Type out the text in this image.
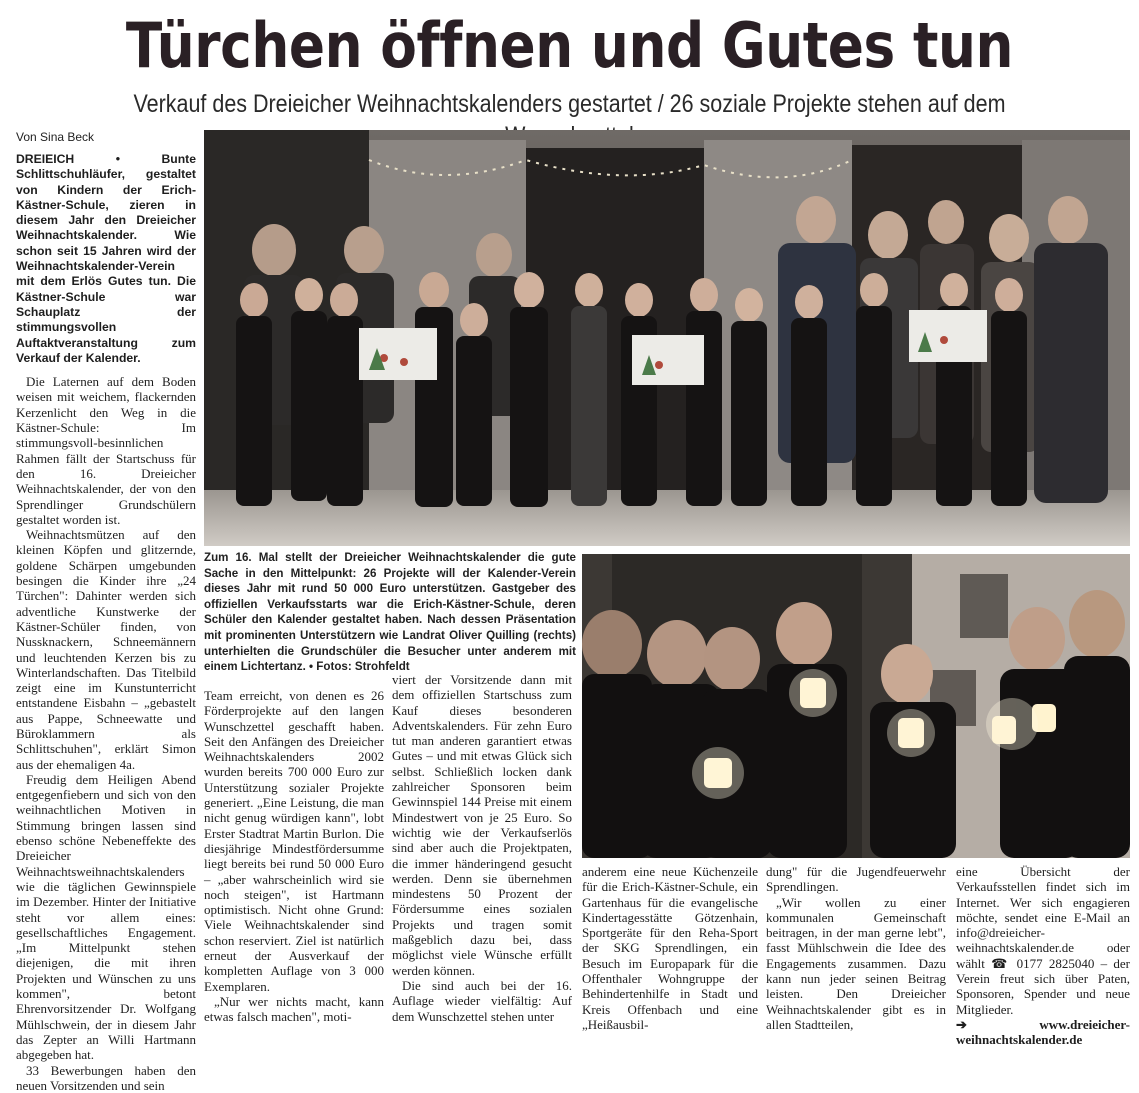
Türchen öffnen und Gutes tun
Verkauf des Dreieicher Weihnachtskalenders gestartet / 26 soziale Projekte stehen auf dem
Von Sina Beck

DREIEICH •	Bunte Schlittschuhläufer, gestaltet von Kindern der Erich-Kästner-Schule, zieren in diesem Jahr den Dreieicher Weihnachtskalender. Wie schon seit 15 Jahren wird der Weihnachtskalender-Verein mit dem Erlös Gutes tun. Die Kästner-Schule war Schauplatz der stimmungsvollen Auftaktveranstaltung zum Verkauf der Kalender.

Die Laternen auf dem Boden weisen mit weichem, flackernden Kerzenlicht den Weg in die Kästner-Schule: Im stimmungsvoll-besinnlichen Rahmen fällt der Startschuss für den 16. Dreieicher Weihnachtskalender, der von den Sprendlinger Grundschülern gestaltet worden ist.

Weihnachtsmützen auf den kleinen Köpfen und glitzernde, goldene Schärpen umgebunden besingen die Kinder ihre „24 Türchen": Dahinter werden sich adventliche Kunstwerke der Kästner-Schüler finden, von Nussknackern, Schneemännern und leuchtenden Kerzen bis zu Winterlandschaften. Das Titelbild zeigt eine im Kunstunterricht entstandene Eisbahn – „gebastelt aus Pappe, Schneewatte und Büroklammern als Schlittschuhen", erklärt Simon aus der ehemaligen 4a.

Freudig dem Heiligen Abend entgegenfiebern und sich von den weihnachtlichen Motiven in Stimmung bringen lassen sind ebenso schöne Nebeneffekte des Dreieicher Weihnachtsweihnachtskalenders wie die täglichen Gewinnspiele im Dezember. Hinter der Initiative steht vor allem eines: gesellschaftliches Engagement. „Im Mittelpunkt stehen diejenigen, die mit ihren Projekten und Wünschen zu uns kommen", betont Ehrenvorsitzender Dr. Wolfgang Mühlschwein, der in diesem Jahr das Zepter an Willi Hartmann abgegeben hat.

33 Bewerbungen haben den neuen Vorsitzenden und sein

Zum 16. Mal stellt der Dreieicher Weihnachtskalender die gute Sache in den Mittelpunkt: 26 Projekte will der Kalender-Verein dieses Jahr mit rund 50 000 Euro unterstützen. Gastgeber des offiziellen Verkaufsstarts war die Erich-Kästner-Schule, deren Schüler den Kalender gestaltet haben. Nach dessen Präsentation mit prominenten Unterstützern wie Landrat Oliver Quilling (rechts) unterhielten die Grundschüler die Besucher unter anderem mit einem Lichtertanz. • Fotos: Strohfeldt

Team erreicht, von denen es 26 Förderprojekte auf den langen Wunschzettel geschafft haben. Seit den Anfängen des Dreieicher Weihnachtskalenders 2002 wurden bereits 700 000 Euro zur Unterstützung sozialer Projekte generiert. „Eine Leistung, die man nicht genug würdigen kann", lobt Erster Stadtrat Martin Burlon. Die diesjährige Mindestfördersumme liegt bereits bei rund 50 000 Euro – „aber wahrscheinlich wird sie noch steigen", ist Hartmann optimistisch. Nicht ohne Grund: Viele Weihnachtskalender sind schon reserviert. Ziel ist natürlich erneut der Ausverkauf der kompletten Auflage von 3 000 Exemplaren.

„Nur wer nichts macht, kann etwas falsch machen", moti-

viert der Vorsitzende dann mit dem offiziellen Startschuss zum Kauf dieses besonderen Adventskalenders. Für zehn Euro tut man anderen garantiert etwas Gutes – und mit etwas Glück sich selbst. Schließlich locken dank zahlreicher Sponsoren beim Gewinnspiel 144 Preise mit einem Mindestwert von je 25 Euro. So wichtig wie der Verkaufserlös sind aber auch die Projektpaten, die immer händeringend gesucht werden. Denn sie übernehmen mindestens 50 Prozent der Fördersumme eines sozialen Projekts und tragen somit maßgeblich dazu bei, dass möglichst viele Wünsche erfüllt werden können.

Die sind auch bei der 16. Auflage wieder vielfältig: Auf dem Wunschzettel stehen unter

anderem eine neue Küchenzeile für die Erich-Kästner-Schule, ein Gartenhaus für die evangelische Kindertagesstätte Götzenhain, Sportgeräte für den Reha-Sport der SKG Sprendlingen, ein Besuch im Europapark für die Offenthaler Wohngruppe der Behindertenhilfe in Stadt und Kreis Offenbach und eine „Heißausbil-

dung" für die Jugendfeuerwehr Sprendlingen.

„Wir wollen zu einer kommunalen Gemeinschaft beitragen, in der man gerne lebt", fasst Mühlschwein die Idee des Engagements zusammen. Dazu kann nun jeder seinen Beitrag leisten. Den Dreieicher Weihnachtskalender gibt es in allen Stadtteilen,

eine Übersicht der Verkaufsstellen findet sich im Internet. Wer sich engagieren möchte, sendet eine E-Mail an info@dreieicher-weihnachtskalender.de oder wählt ☎ 0177 2825040 – der Verein freut sich über Paten, Sponsoren, Spender und neue Mitglieder.

➔ www.dreieicher-weihnachtskalender.de
